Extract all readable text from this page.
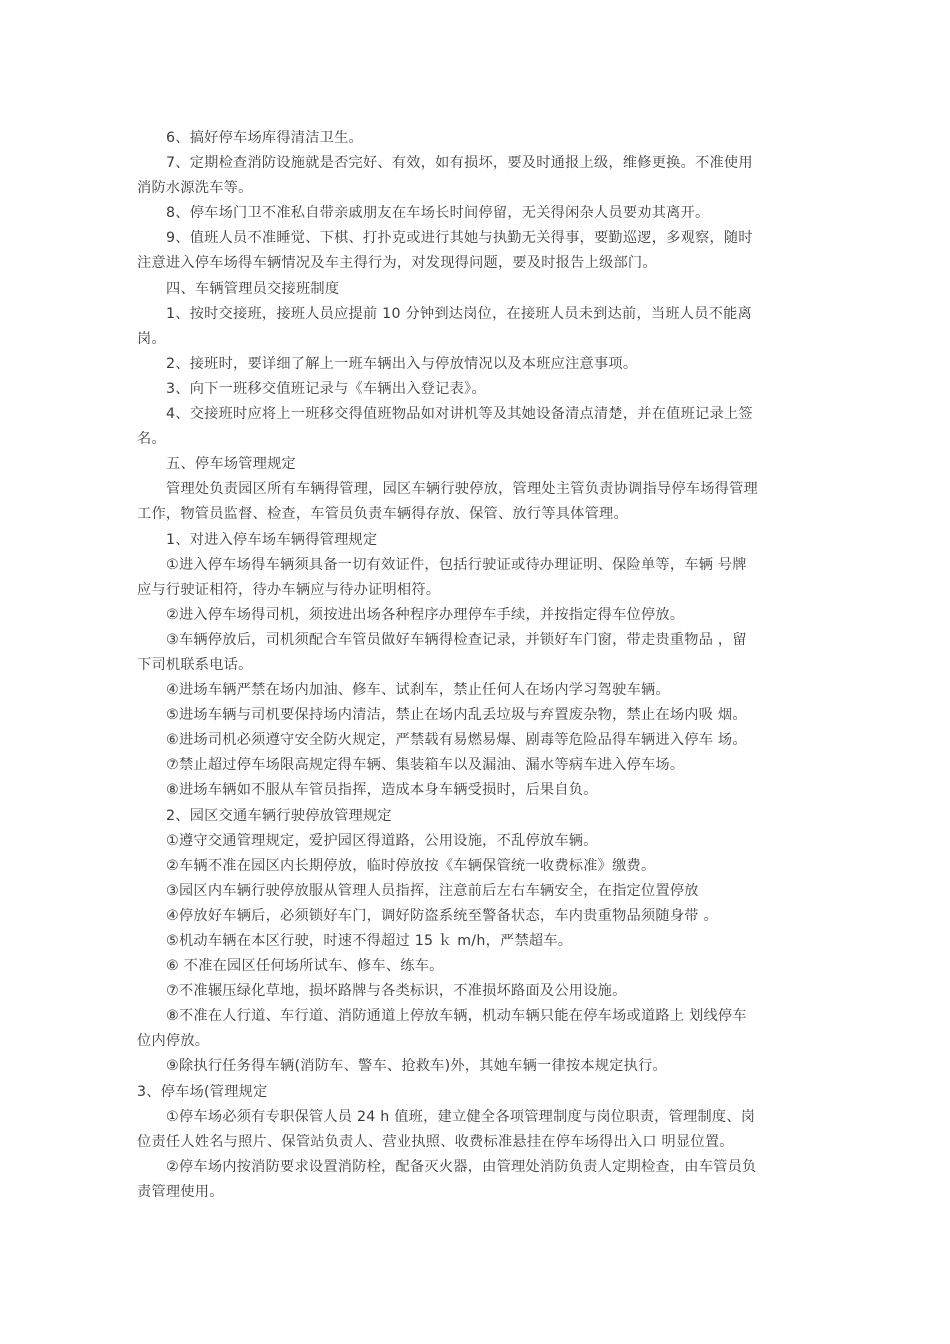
6、搞好停车场库得清洁卫生。
7、定期检查消防设施就是否完好、有效，如有损坏，要及时通报上级，维修更换。不准使用
消防水源洗车等。
8、停车场门卫不准私自带亲戚朋友在车场长时间停留，无关得闲杂人员要劝其离开。
9、值班人员不准睡觉、下棋、打扑克或进行其她与执勤无关得事，要勤巡逻，多观察，随时
注意进入停车场得车辆情况及车主得行为，对发现得问题，要及时报告上级部门。
四、车辆管理员交接班制度
1、按时交接班，接班人员应提前 10 分钟到达岗位，在接班人员未到达前，当班人员不能离
岗。
2、接班时，要详细了解上一班车辆出入与停放情况以及本班应注意事项。
3、向下一班移交值班记录与《车辆出入登记表》。
4、交接班时应将上一班移交得值班物品如对讲机等及其她设备清点清楚，并在值班记录上签
名。
五、停车场管理规定
管理处负责园区所有车辆得管理，园区车辆行驶停放，管理处主管负责协调指导停车场得管理
工作，物管员监督、检查，车管员负责车辆得存放、保管、放行等具体管理。
1、对进入停车场车辆得管理规定
①进入停车场得车辆须具备一切有效证件，包括行驶证或待办理证明、保险单等，车辆 号牌
应与行驶证相符，待办车辆应与待办证明相符。
②进入停车场得司机，须按进出场各种程序办理停车手续，并按指定得车位停放。
③车辆停放后，司机须配合车管员做好车辆得检查记录，并锁好车门窗，带走贵重物品 ，留
下司机联系电话。
④进场车辆严禁在场内加油、修车、试刹车，禁止任何人在场内学习驾驶车辆。
⑤进场车辆与司机要保持场内清洁，禁止在场内乱丢垃圾与弃置废杂物，禁止在场内吸 烟。
⑥进场司机必须遵守安全防火规定，严禁载有易燃易爆、剧毒等危险品得车辆进入停车 场。
⑦禁止超过停车场限高规定得车辆、集装箱车以及漏油、漏水等病车进入停车场。
⑧进场车辆如不服从车管员指挥，造成本身车辆受损时，后果自负。
2、园区交通车辆行驶停放管理规定
①遵守交通管理规定，爱护园区得道路，公用设施，不乱停放车辆。
②车辆不准在园区内长期停放，临时停放按《车辆保管统一收费标准》缴费。
③园区内车辆行驶停放服从管理人员指挥，注意前后左右车辆安全，在指定位置停放
④停放好车辆后，必须锁好车门，调好防盗系统至警备状态，车内贵重物品须随身带 。
⑤机动车辆在本区行驶，时速不得超过 15 ｋ m/h，严禁超车。
⑥ 不准在园区任何场所试车、修车、练车。
⑦不准辗压绿化草地，损坏路牌与各类标识，不准损坏路面及公用设施。
⑧不准在人行道、车行道、消防通道上停放车辆，机动车辆只能在停车场或道路上 划线停车
位内停放。
⑨除执行任务得车辆(消防车、警车、抢救车)外，其她车辆一律按本规定执行。
3、停车场(管理规定
①停车场必须有专职保管人员 24 h 值班，建立健全各项管理制度与岗位职责，管理制度、岗
位责任人姓名与照片、保管站负责人、营业执照、收费标准悬挂在停车场得出入口 明显位置。
②停车场内按消防要求设置消防栓，配备灭火器，由管理处消防负责人定期检查，由车管员负
责管理使用。
